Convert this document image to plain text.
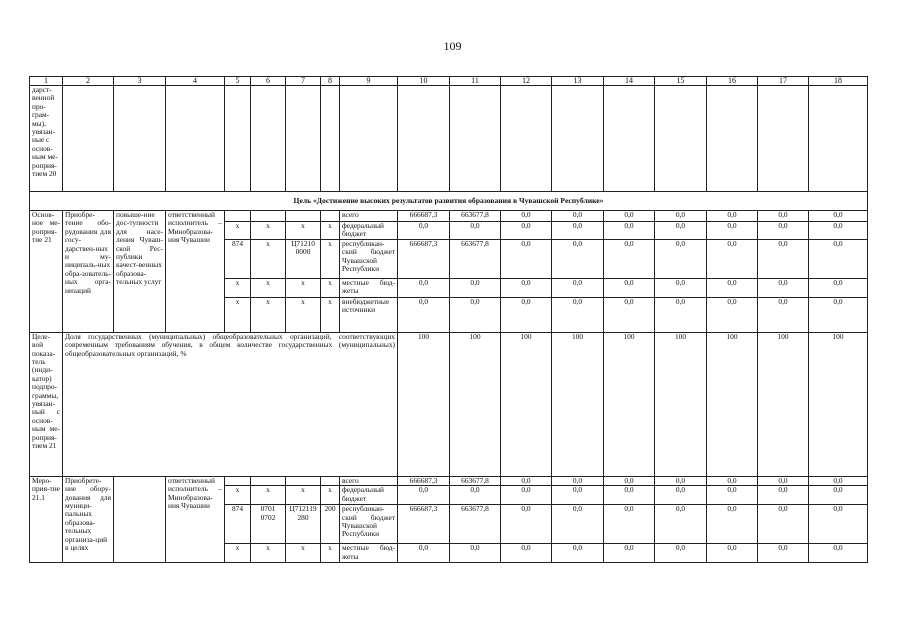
109
1	2	3	4	5	6	7	8	9	10	11	12	13	14	15	16	17	18
дарст-венной про-грам-мы), увязан-ные с основ-ным ме-роприя-тием 20																	
Цель «Достижение высоких результатов развития образования в Чувашской Республике»																	
Основ-ное ме-роприя-тие 21	Приобре-тение обо-рудования для госу-дарствен-ных и му-ниципаль-ных обра-зователь-ных орга-низаций	повыше-ние дос-тупности для насе-ления Чуваш-ской Рес-публики качест-венных образова-тельных услуг	ответственный исполнитель – Минобразова-ния Чувашии					всего	666687,3	663677,8	0,0	0,0	0,0	0,0	0,0	0,0	0,0
				x	x	x	x	федеральный бюджет	0,0	0,0	0,0	0,0	0,0	0,0	0,0	0,0	0,0
				874	x	Ц71210 0000	x	республикан-ский бюджет Чувашской Республики	666687,3	663677,8	0,0	0,0	0,0	0,0	0,0	0,0	0,0
				x	x	x	x	местные бюд-жеты	0,0	0,0	0,0	0,0	0,0	0,0	0,0	0,0	0,0
				x	x	x	x	внебюджетные источники	0,0	0,0	0,0	0,0	0,0	0,0	0,0	0,0	0,0
Целе-вой показа-тель (инди-катор) подпро-граммы, увязан-ный с основ-ным ме-роприя-тием 21	Доля государственных (муниципальных) общеобразовательных организаций, соответствующих современным требованиям обучения, в общем количестве государственных (муниципальных) общеобразовательных организаций, %								100	100	100	100	100	100	100	100	100
Меро-прия-тие 21.1	Приобрете-ние обору-дования для муници-пальных образова-тельных организа-ций в целях		ответственный исполнитель – Минобразова-ния Чувашии					всего	666687,3	663677,8	0,0	0,0	0,0	0,0	0,0	0,0	0,0
				x	x	x	x	федеральный бюджет	0,0	0,0	0,0	0,0	0,0	0,0	0,0	0,0	0,0
				874	0701 0702	Ц712119 280	200	республикан-ский бюджет Чувашской Республики	666687,3	663677,8	0,0	0,0	0,0	0,0	0,0	0,0	0,0
				x	x	x	x	местные бюд-жеты	0,0	0,0	0,0	0,0	0,0	0,0	0,0	0,0	0,0
